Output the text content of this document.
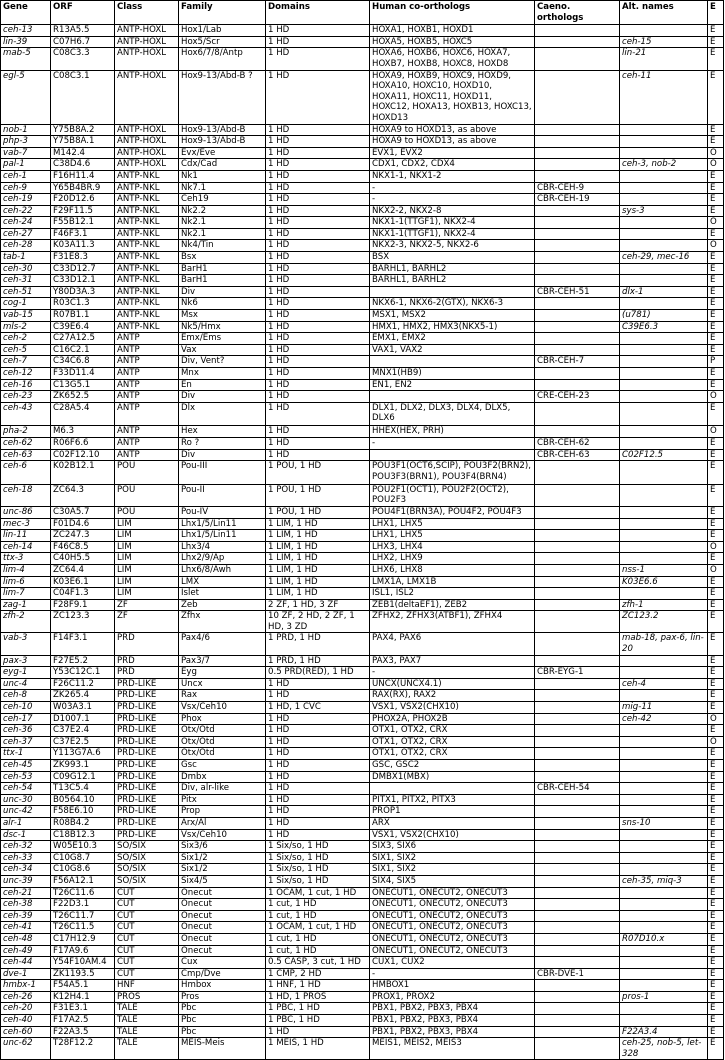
Gene	ORF	Class	Family	Domains	Human co-orthologs	Caeno. orthologs	Alt. names	E
ceh-13	R13A5.5	ANTP-HOXL	Hox1/Lab	1 HD	HOXA1, HOXB1, HOXD1			E
lin-39	C07H6.7	ANTP-HOXL	Hox5/Scr	1 HD	HOXA5, HOXB5, HOXC5		ceh-15	E
mab-5	C08C3.3	ANTP-HOXL	Hox6/7/8/Antp	1 HD	HOXA6, HOXB6, HOXC6, HOXA7, HOXB7, HOXB8, HOXC8, HOXD8		lin-21	E
egl-5	C08C3.1	ANTP-HOXL	Hox9-13/Abd-B ?	1 HD	HOXA9, HOXB9, HOXC9, HOXD9, HOXA10, HOXC10, HOXD10, HOXA11, HOXC11, HOXD11, HOXC12, HOXA13, HOXB13, HOXC13, HOXD13		ceh-11	E
nob-1	Y75B8A.2	ANTP-HOXL	Hox9-13/Abd-B	1 HD	HOXA9 to HOXD13, as above			E
php-3	Y75B8A.1	ANTP-HOXL	Hox9-13/Abd-B	1 HD	HOXA9 to HOXD13, as above			E
vab-7	M142.4	ANTP-HOXL	Evx/Eve	1 HD	EVX1, EVX2			O
pal-1	C38D4.6	ANTP-HOXL	Cdx/Cad	1 HD	CDX1, CDX2, CDX4		ceh-3, nob-2	O
ceh-1	F16H11.4	ANTP-NKL	Nk1	1 HD	NKX1-1, NKX1-2			E
ceh-9	Y65B4BR.9	ANTP-NKL	Nk7.1	1 HD	-	CBR-CEH-9		E
ceh-19	F20D12.6	ANTP-NKL	Ceh19	1 HD	-	CBR-CEH-19		E
ceh-22	F29F11.5	ANTP-NKL	Nk2.2	1 HD	NKX2-2, NKX2-8		sys-3	E
ceh-24	F55B12.1	ANTP-NKL	Nk2.1	1 HD	NKX1-1(TTGF1), NKX2-4			O
ceh-27	F46F3.1	ANTP-NKL	Nk2.1	1 HD	NKX1-1(TTGF1), NKX2-4			E
ceh-28	K03A11.3	ANTP-NKL	Nk4/Tin	1 HD	NKX2-3, NKX2-5, NKX2-6			O
tab-1	F31E8.3	ANTP-NKL	Bsx	1 HD	BSX		ceh-29, mec-16	E
ceh-30	C33D12.7	ANTP-NKL	BarH1	1 HD	BARHL1, BARHL2			E
ceh-31	C33D12.1	ANTP-NKL	BarH1	1 HD	BARHL1, BARHL2			E
ceh-51	Y80D3A.3	ANTP-NKL	Div	1 HD		CBR-CEH-51	dlx-1	E
cog-1	R03C1.3	ANTP-NKL	Nk6	1 HD	NKX6-1, NKX6-2(GTX), NKX6-3			E
vab-15	R07B1.1	ANTP-NKL	Msx	1 HD	MSX1, MSX2		(u781)	E
mls-2	C39E6.4	ANTP-NKL	Nk5/Hmx	1 HD	HMX1, HMX2, HMX3(NKX5-1)		C39E6.3	E
ceh-2	C27A12.5	ANTP	Emx/Ems	1 HD	EMX1, EMX2			E
ceh-5	C16C2.1	ANTP	Vax	1 HD	VAX1, VAX2			E
ceh-7	C34C6.8	ANTP	Div, Vent?	1 HD		CBR-CEH-7		P
ceh-12	F33D11.4	ANTP	Mnx	1 HD	MNX1(HB9)			E
ceh-16	C13G5.1	ANTP	En	1 HD	EN1, EN2			E
ceh-23	ZK652.5	ANTP	Div	1 HD		CRE-CEH-23		O
ceh-43	C28A5.4	ANTP	Dlx	1 HD	DLX1, DLX2, DLX3, DLX4, DLX5, DLX6			E
pha-2	M6.3	ANTP	Hex	1 HD	HHEX(HEX, PRH)			O
ceh-62	R06F6.6	ANTP	Ro ?	1 HD	-	CBR-CEH-62		E
ceh-63	C02F12.10	ANTP	Div	1 HD		CBR-CEH-63	C02F12.5	E
ceh-6	K02B12.1	POU	Pou-III	1 POU, 1 HD	POU3F1(OCT6,SCIP), POU3F2(BRN2), POU3F3(BRN1), POU3F4(BRN4)			E
ceh-18	ZC64.3	POU	Pou-II	1 POU, 1 HD	POU2F1(OCT1), POU2F2(OCT2), POU2F3			E
unc-86	C30A5.7	POU	Pou-IV	1 POU, 1 HD	POU4F1(BRN3A), POU4F2, POU4F3			E
mec-3	F01D4.6	LIM	Lhx1/5/Lin11	1 LIM, 1 HD	LHX1, LHX5			E
lin-11	ZC247.3	LIM	Lhx1/5/Lin11	1 LIM, 1 HD	LHX1, LHX5			E
ceh-14	F46C8.5	LIM	Lhx3/4	1 LIM, 1 HD	LHX3, LHX4			O
ttx-3	C40H5.5	LIM	Lhx2/9/Ap	1 LIM, 1 HD	LHX2, LHX9			E
lim-4	ZC64.4	LIM	Lhx6/8/Awh	1 LIM, 1 HD	LHX6, LHX8		nss-1	O
lim-6	K03E6.1	LIM	LMX	1 LIM, 1 HD	LMX1A, LMX1B		K03E6.6	E
lim-7	C04F1.3	LIM	Islet	1 LIM, 1 HD	ISL1, ISL2			E
zag-1	F28F9.1	ZF	Zeb	2 ZF, 1 HD, 3 ZF	ZEB1(deltaEF1), ZEB2		zfh-1	E
zfh-2	ZC123.3	ZF	Zfhx	10 ZF, 2 HD, 2 ZF, 1 HD, 3 ZD	ZFHX2, ZFHX3(ATBF1), ZFHX4		ZC123.2	E
vab-3	F14F3.1	PRD	Pax4/6	1 PRD, 1 HD	PAX4, PAX6		mab-18, pax-6, lin-20	E
pax-3	F27E5.2	PRD	Pax3/7	1 PRD, 1 HD	PAX3, PAX7			E
eyg-1	Y53C12C.1	PRD	Eyg	0.5 PRD(RED), 1 HD	-	CBR-EYG-1		E
unc-4	F26C11.2	PRD-LIKE	Uncx	1 HD	UNCX(UNCX4.1)		ceh-4	E
ceh-8	ZK265.4	PRD-LIKE	Rax	1 HD	RAX(RX), RAX2			E
ceh-10	W03A3.1	PRD-LIKE	Vsx/Ceh10	1 HD, 1 CVC	VSX1, VSX2(CHX10)		mig-11	E
ceh-17	D1007.1	PRD-LIKE	Phox	1 HD	PHOX2A, PHOX2B		ceh-42	O
ceh-36	C37E2.4	PRD-LIKE	Otx/Otd	1 HD	OTX1, OTX2, CRX			E
ceh-37	C37E2.5	PRD-LIKE	Otx/Otd	1 HD	OTX1, OTX2, CRX			O
ttx-1	Y113G7A.6	PRD-LIKE	Otx/Otd	1 HD	OTX1, OTX2, CRX			E
ceh-45	ZK993.1	PRD-LIKE	Gsc	1 HD	GSC, GSC2			E
ceh-53	C09G12.1	PRD-LIKE	Dmbx	1 HD	DMBX1(MBX)			E
ceh-54	T13C5.4	PRD-LIKE	Div, alr-like	1 HD		CBR-CEH-54		E
unc-30	B0564.10	PRD-LIKE	Pitx	1 HD	PITX1, PITX2, PITX3			E
unc-42	F58E6.10	PRD-LIKE	Prop	1 HD	PROP1			E
alr-1	R08B4.2	PRD-LIKE	Arx/Al	1 HD	ARX		sns-10	E
dsc-1	C18B12.3	PRD-LIKE	Vsx/Ceh10	1 HD	VSX1, VSX2(CHX10)			E
ceh-32	W05E10.3	SO/SIX	Six3/6	1 Six/so, 1 HD	SIX3, SIX6			E
ceh-33	C10G8.7	SO/SIX	Six1/2	1 Six/so, 1 HD	SIX1, SIX2			E
ceh-34	C10G8.6	SO/SIX	Six1/2	1 Six/so, 1 HD	SIX1, SIX2			E
unc-39	F56A12.1	SO/SIX	Six4/5	1 Six/so, 1 HD	SIX4, SIX5		ceh-35, miq-3	E
ceh-21	T26C11.6	CUT	Onecut	1 OCAM, 1 cut, 1 HD	ONECUT1, ONECUT2, ONECUT3			E
ceh-38	F22D3.1	CUT	Onecut	1 cut, 1 HD	ONECUT1, ONECUT2, ONECUT3			E
ceh-39	T26C11.7	CUT	Onecut	1 cut, 1 HD	ONECUT1, ONECUT2, ONECUT3			E
ceh-41	T26C11.5	CUT	Onecut	1 OCAM, 1 cut, 1 HD	ONECUT1, ONECUT2, ONECUT3			E
ceh-48	C17H12.9	CUT	Onecut	1 cut, 1 HD	ONECUT1, ONECUT2, ONECUT3		R07D10.x	E
ceh-49	F17A9.6	CUT	Onecut	1 cut, 1 HD	ONECUT1, ONECUT2, ONECUT3			E
ceh-44	Y54F10AM.4	CUT	Cux	0.5 CASP, 3 cut, 1 HD	CUX1, CUX2			E
dve-1	ZK1193.5	CUT	Cmp/Dve	1 CMP, 2 HD	-	CBR-DVE-1		E
hmbx-1	F54A5.1	HNF	Hmbox	1 HNF, 1 HD	HMBOX1			E
ceh-26	K12H4.1	PROS	Pros	1 HD, 1 PROS	PROX1, PROX2		pros-1	E
ceh-20	F31E3.1	TALE	Pbc	1 PBC, 1 HD	PBX1, PBX2, PBX3, PBX4			E
ceh-40	F17A2.5	TALE	Pbc	1 PBC, 1 HD	PBX1, PBX2, PBX3, PBX4			E
ceh-60	F22A3.5	TALE	Pbc	1 HD	PBX1, PBX2, PBX3, PBX4		F22A3.4	E
unc-62	T28F12.2	TALE	MEIS-Meis	1 MEIS, 1 HD	MEIS1, MEIS2, MEIS3		ceh-25, nob-5, let-328	E
